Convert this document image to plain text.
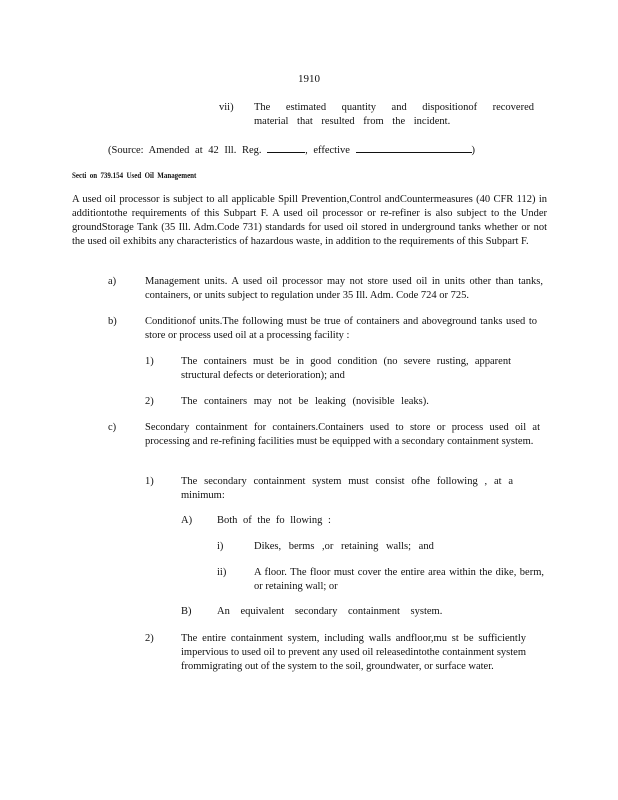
1910
vii) The estimated quantity and dispositionof recovered material that resulted from the incident.
(Source: Amended at 42 Ill. Reg.	, effective	)
Secti on 739.154 Used Oil Management
A used oil processor is subject to all applicable Spill Prevention,Control andCountermeasures (40 CFR 112) in additiontothe requirements of this Subpart F. A used oil processor or re-refiner is also subject to the Under groundStorage Tank (35 Ill. Adm.Code 731) standards for used oil stored in underground tanks whether or not the used oil exhibits any characteristics of hazardous waste, in addition to the requirements of this Subpart F.
a)	Management units. A used oil processor may not store used oil in units other than tanks, containers, or units subject to regulation under 35 Ill. Adm. Code 724 or 725.
b)	Conditionof units.The following must be true of containers and aboveground tanks used to store or process used oil at a processing facility :
1)	The containers must be in good condition (no severe rusting, apparent structural defects or deterioration); and
2)	The containers may not be leaking (novisible leaks).
c)	Secondary containment for containers.Containers used to store or process used oil at processing and re-refining facilities must be equipped with a secondary containment system.
1)	The secondary containment system must consist ofhe following , at a minimum:
A) Both of the fo llowing :
i)	Dikes, berms ,or retaining walls; and
ii)	A floor. The floor must cover the entire area within the dike, berm, or retaining wall; or
B) An equivalent secondary containment system.
2)	The entire containment system, including walls andfloor,mu st be sufficiently impervious to used oil to prevent any used oil releasedintothe containment system frommigrating out of the system to the soil, groundwater, or surface water.
